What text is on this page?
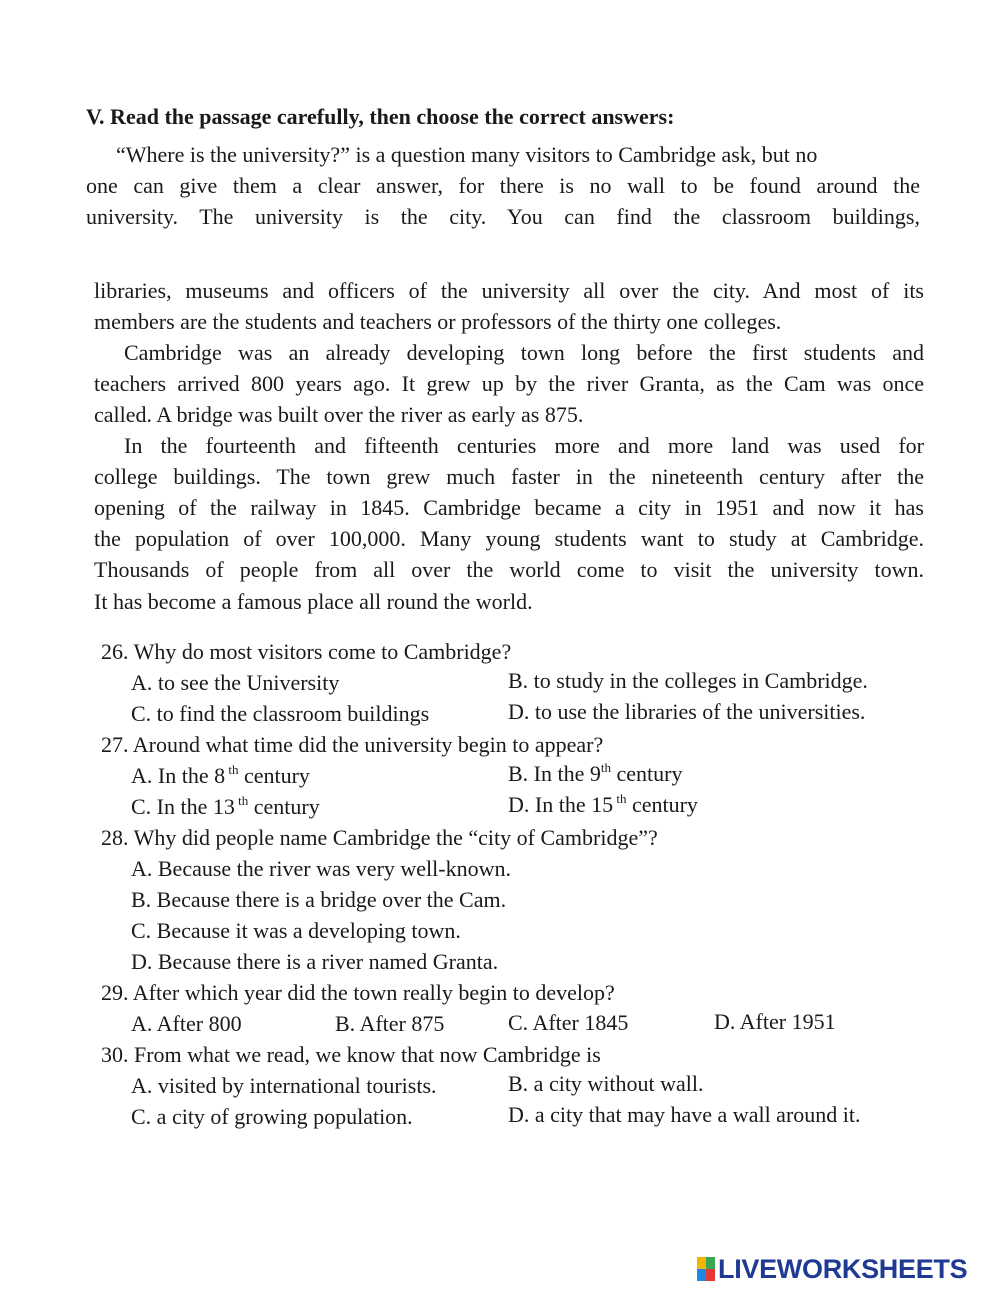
V. Read the passage carefully, then choose the correct answers:
“Where is the university?” is a question many visitors to Cambridge ask, but no
one can give them a clear answer, for there is no wall to be found around the
university. The university is the city. You can find the classroom buildings,
libraries, museums and officers of the university all over the city. And most of its
members are the students and teachers or professors of the thirty one colleges.
Cambridge was an already developing town long before the first students and
teachers arrived 800 years ago. It grew up by the river Granta, as the Cam was once
called. A bridge was built over the river as early as 875.
In the fourteenth and fifteenth centuries more and more land was used for
college buildings. The town grew much faster in the nineteenth century after the
opening of the railway in 1845. Cambridge became a city in 1951 and now it has
the population of over 100,000. Many young students want to study at Cambridge.
Thousands of people from all over the world come to visit the university town.
It has become a famous place all round the world.
26. Why do most visitors come to Cambridge?
A. to see the University	B. to study in the colleges in Cambridge.
C. to find the classroom buildings	D. to use the libraries of the universities.
27. Around what time did the university begin to appear?
A. In the 8 $^{th}$ century	B. In the 9th century
C. In the 13 $^{th}$ century	D. In the 15 $^{th}$ century
28. Why did people name Cambridge the “city of Cambridge”?
A. Because the river was very well-known.
B. Because there is a bridge over the Cam.
C. Because it was a developing town.
D. Because there is a river named Granta.
29. After which year did the town really begin to develop?
A. After 800	B. After 875	C. After 1845	D. After 1951
30. From what we read, we know that now Cambridge is
A. visited by international tourists.	B. a city without wall.
C. a city of growing population.	D. a city that may have a wall around it.
LIVEWORKSHEETS
